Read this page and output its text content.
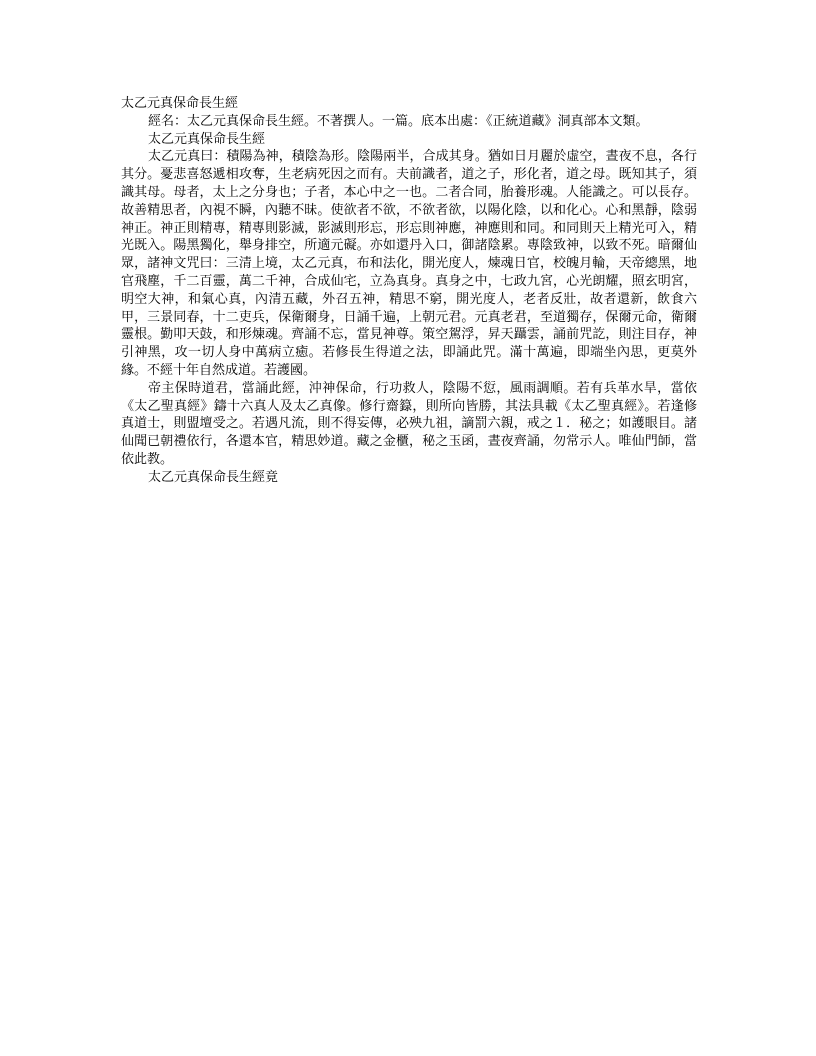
太乙元真保命長生經

經名：太乙元真保命長生經。不著撰人。一篇。底本出處：《正統道藏》洞真部本文類。

太乙元真保命長生經

太乙元真曰：積陽為神，積陰為形。陰陽兩半，合成其身。猶如日月麗於虛空，晝夜不息，各行其分。憂悲喜怒遞相攻奪，生老病死因之而有。夫前識者，道之子，形化者，道之母。既知其子，須識其母。母者，太上之分身也；子者，本心中之一也。二者合同，胎養形魂。人能識之。可以長存。故善精思者，內視不瞬，內聽不昧。使欲者不欲，不欲者欲，以陽化陰，以和化心。心和黑靜，陰弱神正。神正則精專，精專則影滅，影滅則形忘，形忘則神應，神應則和同。和同則天上精光可入，精光既入。陽黑獨化，舉身排空，所適元礙。亦如還丹入口，御諸陰累。專陰致神，以致不死。暗爾仙眾，諸神文咒曰：三清上境，太乙元真，布和法化，開光度人，煉魂日官，校魄月輪，天帝總黑，地官飛塵，千二百靈，萬二千神，合成仙宅，立為真身。真身之中，七政九宮，心光朗耀，照玄明宮，明空大神，和氣心真，內清五藏，外召五神，精思不窮，開光度人，老者反壯，故者還新，飲食六甲，三景同春，十二吏兵，保衛爾身，日誦千遍，上朝元君。元真老君，至道獨存，保爾元命，衛爾靈根。勤叩天鼓，和形煉魂。齊誦不忘，當見神尊。策空駕浮，昇天躡雲，誦前咒訖，則注目存，神引神黑，攻一切人身中萬病立癒。若修長生得道之法，即誦此咒。滿十萬遍，即端坐內思，更莫外緣。不經十年自然成道。若護國。

帝主保時道君，當誦此經，沖神保命，行功救人，陰陽不愆，風雨調順。若有兵革水旱，當依《太乙聖真經》鑄十六真人及太乙真像。修行齋籙，則所向皆勝，其法具載《太乙聖真經》。若逢修真道士，則盟壇受之。若遇凡流，則不得妄傳，必殃九祖，謫罰六親，戒之１．秘之；如護眼目。諸仙聞已朝禮依行，各還本官，精思妙道。藏之金櫃，秘之玉函，晝夜齊誦，勿常示人。唯仙門師，當依此教。

太乙元真保命長生經竟
